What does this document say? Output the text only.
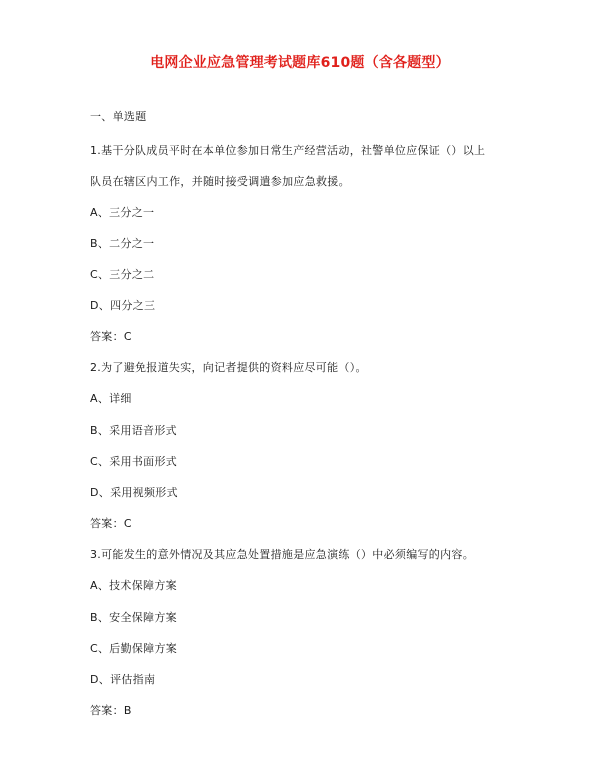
电网企业应急管理考试题库610题（含各题型）
一、单选题
1.基干分队成员平时在本单位参加日常生产经营活动，社警单位应保证（）以上
队员在辖区内工作，并随时接受调遣参加应急救援。
A、三分之一
B、二分之一
C、三分之二
D、四分之三
答案：C
2.为了避免报道失实，向记者提供的资料应尽可能（）。
A、详细
B、采用语音形式
C、采用书面形式
D、采用视频形式
答案：C
3.可能发生的意外情况及其应急处置措施是应急演练（）中必须编写的内容。
A、技术保障方案
B、安全保障方案
C、后勤保障方案
D、评估指南
答案：B
